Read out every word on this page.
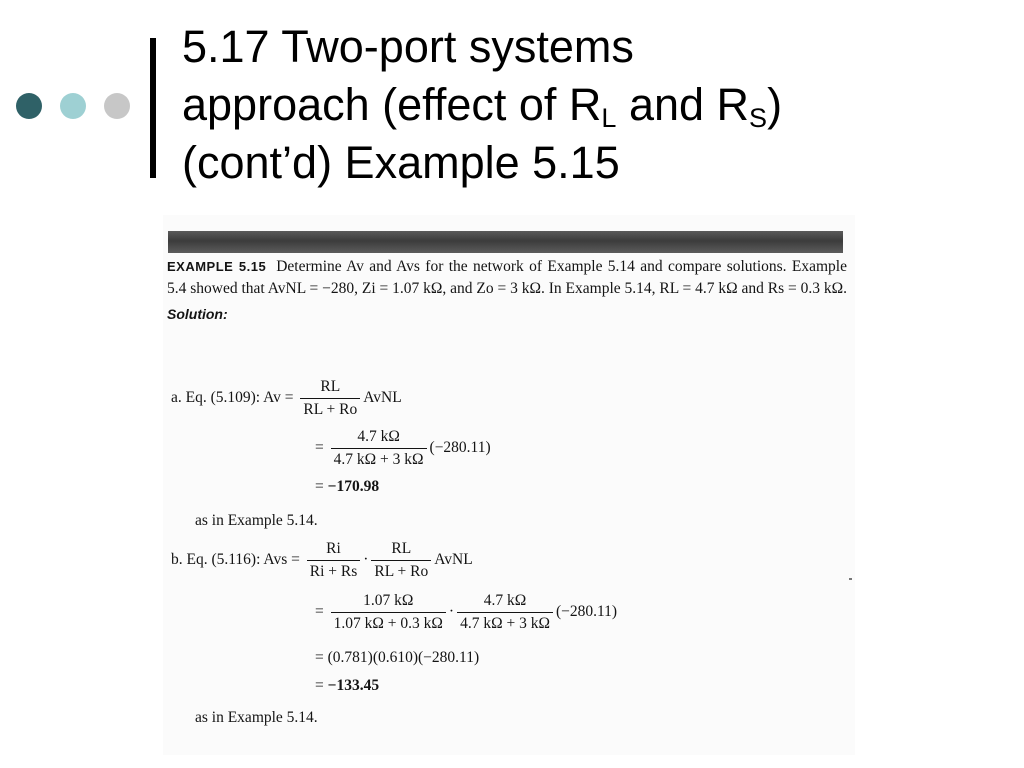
5.17 Two-port systems
approach (effect of $R_L$ and $R_S$)
(cont’d) Example 5.15

EXAMPLE 5.15 Determine Av and Avs for the network of Example 5.14 and compare solutions. Example 5.4 showed that AvNL = −280, Zi = 1.07 kΩ, and Zo = 3 kΩ. In Example 5.14, RL = 4.7 kΩ and Rs = 0.3 kΩ.

Solution:

a. Eq. (5.109): $Av = \frac{RL}{RL + Ro}$ AvNL
= $\frac{4.7 k\Omega}{4.7 k\Omega + 3 k\Omega} (-280.11)$
= −170.98
as in Example 5.14.
b. Eq. (5.116): Avs = $\frac{Ri}{Ri + Rs} \cdot \frac{RL}{RL + Ro}$ AvNL
= $\frac{1.07 k\Omega}{1.07 k\Omega + 0.3 k\Omega} \cdot \frac{4.7 k\Omega}{4.7 k\Omega + 3 k\Omega} (-280.11)$
= (0.781)(0.610)(−280.11)
= −133.45
as in Example 5.14.
